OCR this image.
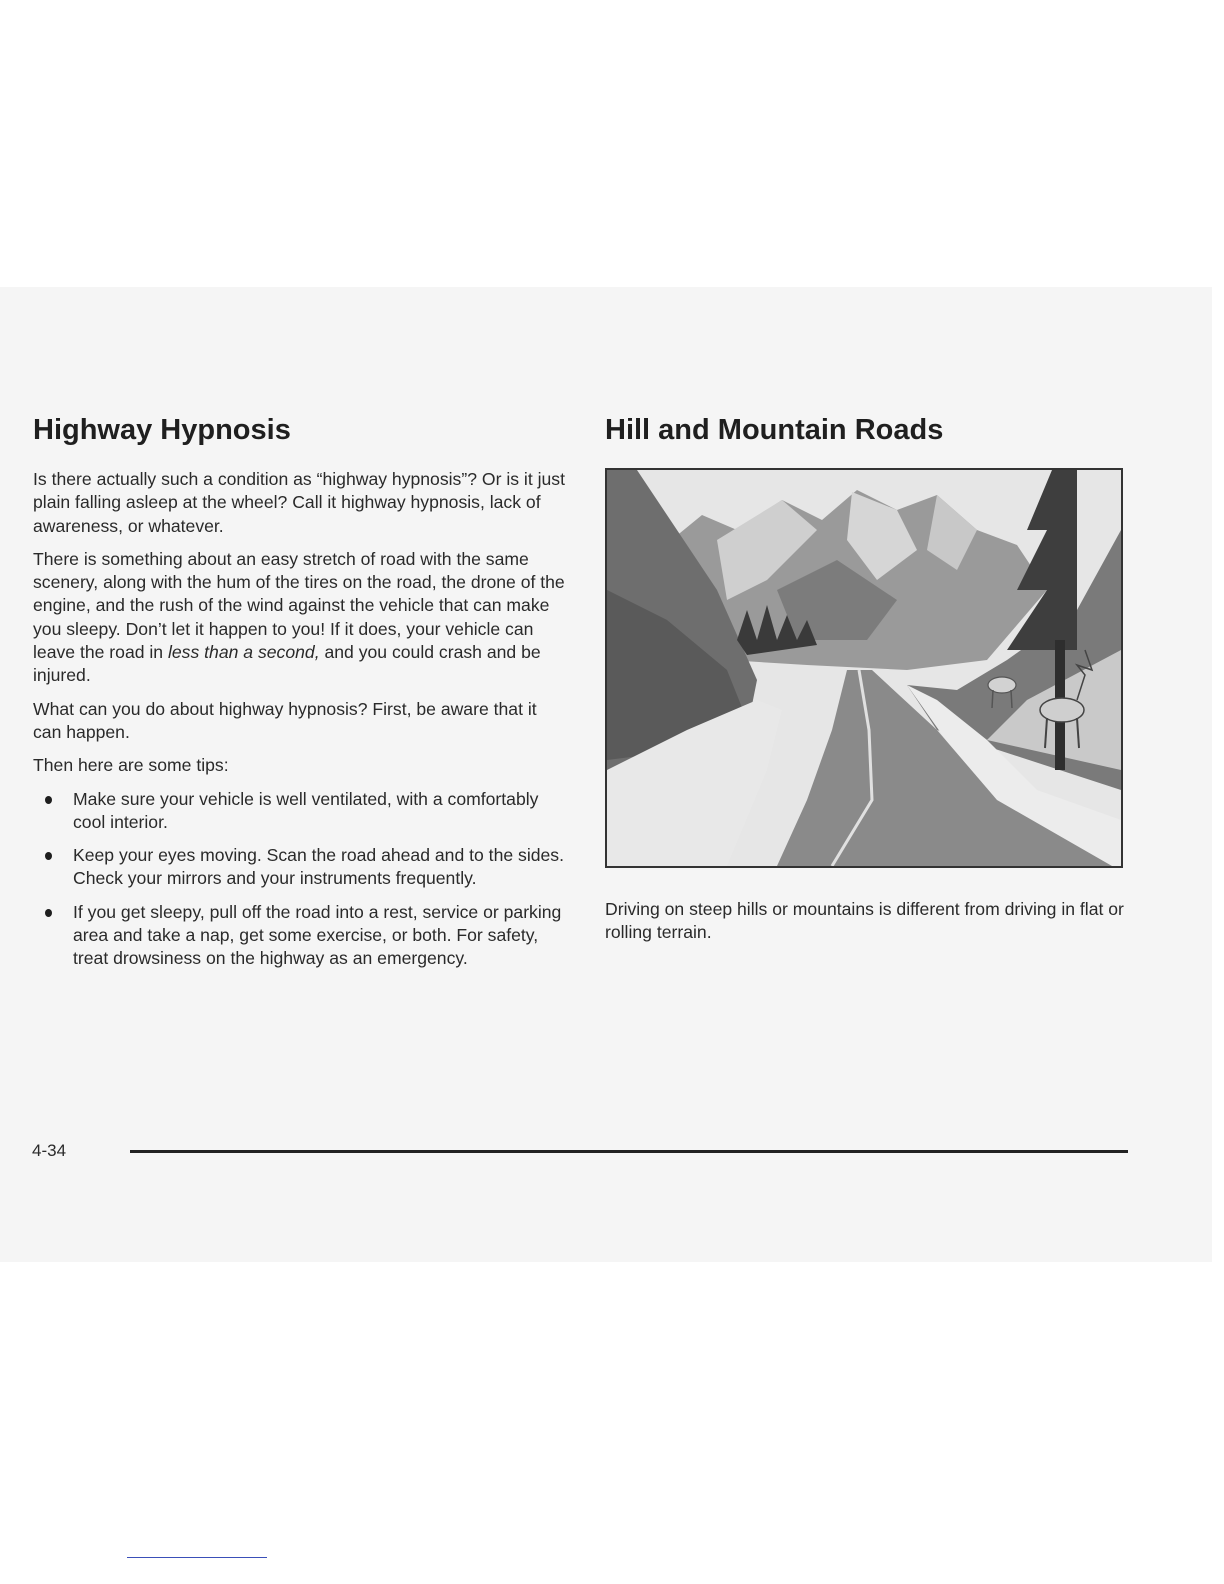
Highway Hypnosis

Is there actually such a condition as “highway hypnosis”? Or is it just plain falling asleep at the wheel? Call it highway hypnosis, lack of awareness, or whatever.

There is something about an easy stretch of road with the same scenery, along with the hum of the tires on the road, the drone of the engine, and the rush of the wind against the vehicle that can make you sleepy. Don’t let it happen to you! If it does, your vehicle can leave the road in less than a second, and you could crash and be injured.

What can you do about highway hypnosis? First, be aware that it can happen.

Then here are some tips:

Make sure your vehicle is well ventilated, with a comfortably cool interior.
Keep your eyes moving. Scan the road ahead and to the sides. Check your mirrors and your instruments frequently.
If you get sleepy, pull off the road into a rest, service or parking area and take a nap, get some exercise, or both. For safety, treat drowsiness on the highway as an emergency.
Hill and Mountain Roads

Driving on steep hills or mountains is different from driving in flat or rolling terrain.

4-34
